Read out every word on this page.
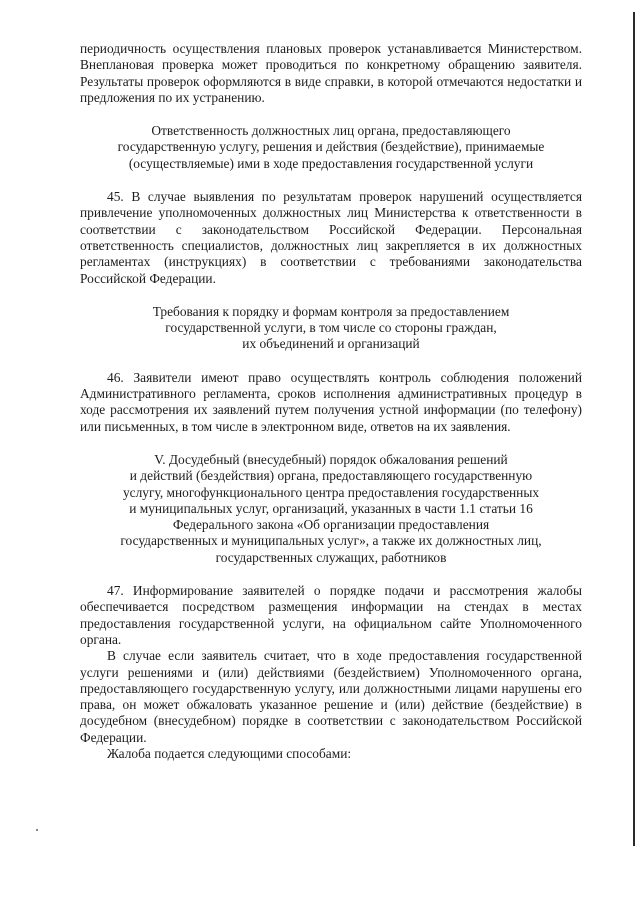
периодичность осуществления плановых проверок устанавливается Министерством. Внеплановая проверка может проводиться по конкретному обращению заявителя. Результаты проверок оформляются в виде справки, в которой отмечаются недостатки и предложения по их устранению.

Ответственность должностных лиц органа, предоставляющего
государственную услугу, решения и действия (бездействие), принимаемые
(осуществляемые) ими в ходе предоставления государственной услуги

45. В случае выявления по результатам проверок нарушений осуществляется привлечение уполномоченных должностных лиц Министерства к ответственности в соответствии с законодательством Российской Федерации. Персональная ответственность специалистов, должностных лиц закрепляется в их должностных регламентах (инструкциях) в соответствии с требованиями законодательства Российской Федерации.

Требования к порядку и формам контроля за предоставлением
государственной услуги, в том числе со стороны граждан,
их объединений и организаций

46. Заявители имеют право осуществлять контроль соблюдения положений Административного регламента, сроков исполнения административных процедур в ходе рассмотрения их заявлений путем получения устной информации (по телефону) или письменных, в том числе в электронном виде, ответов на их заявления.

V. Досудебный (внесудебный) порядок обжалования решений
и действий (бездействия) органа, предоставляющего государственную
услугу, многофункционального центра предоставления государственных
и муниципальных услуг, организаций, указанных в части 1.1 статьи 16
Федерального закона «Об организации предоставления
государственных и муниципальных услуг», а также их должностных лиц,
государственных служащих, работников

47. Информирование заявителей о порядке подачи и рассмотрения жалобы обеспечивается посредством размещения информации на стендах в местах предоставления государственной услуги, на официальном сайте Уполномоченного органа.

В случае если заявитель считает, что в ходе предоставления государственной услуги решениями и (или) действиями (бездействием) Уполномоченного органа, предоставляющего государственную услугу, или должностными лицами нарушены его права, он может обжаловать указанное решение и (или) действие (бездействие) в досудебном (внесудебном) порядке в соответствии с законодательством Российской Федерации.

Жалоба подается следующими способами:
